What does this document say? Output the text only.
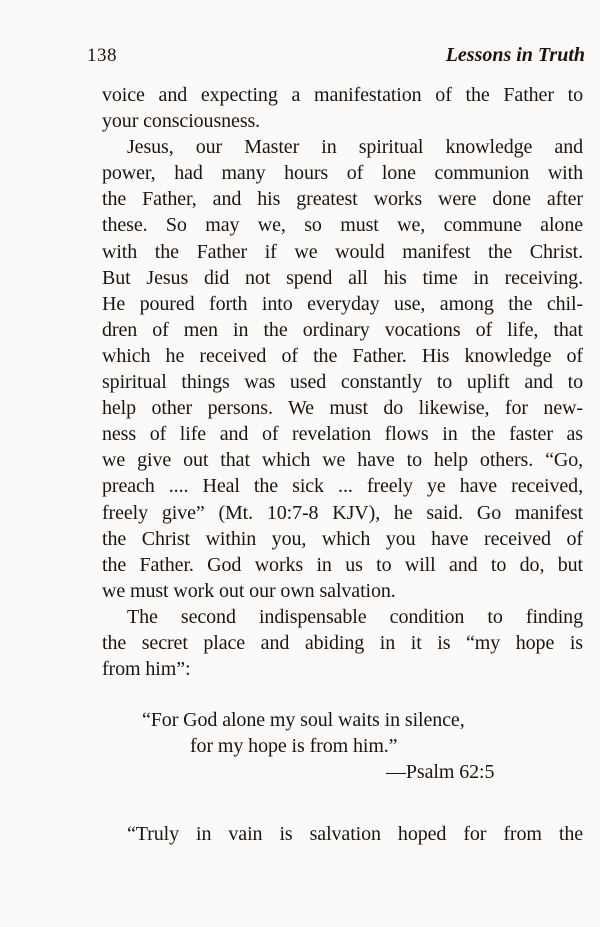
138	Lessons in Truth

voice and expecting a manifestation of the Father to
your consciousness.

Jesus, our Master in spiritual knowledge and
power, had many hours of lone communion with
the Father, and his greatest works were done after
these. So may we, so must we, commune alone
with the Father if we would manifest the Christ.
But Jesus did not spend all his time in receiving.
He poured forth into everyday use, among the chil-
dren of men in the ordinary vocations of life, that
which he received of the Father. His knowledge of
spiritual things was used constantly to uplift and to
help other persons. We must do likewise, for new-
ness of life and of revelation flows in the faster as
we give out that which we have to help others. “Go,
preach .... Heal the sick ... freely ye have received,
freely give” (Mt. 10:7-8 KJV), he said. Go manifest
the Christ within you, which you have received of
the Father. God works in us to will and to do, but
we must work out our own salvation.

The second indispensable condition to finding
the secret place and abiding in it is “my hope is
from him”:

“For God alone my soul waits in silence,
for my hope is from him.”
—Psalm 62:5

“Truly in vain is salvation hoped for from the
